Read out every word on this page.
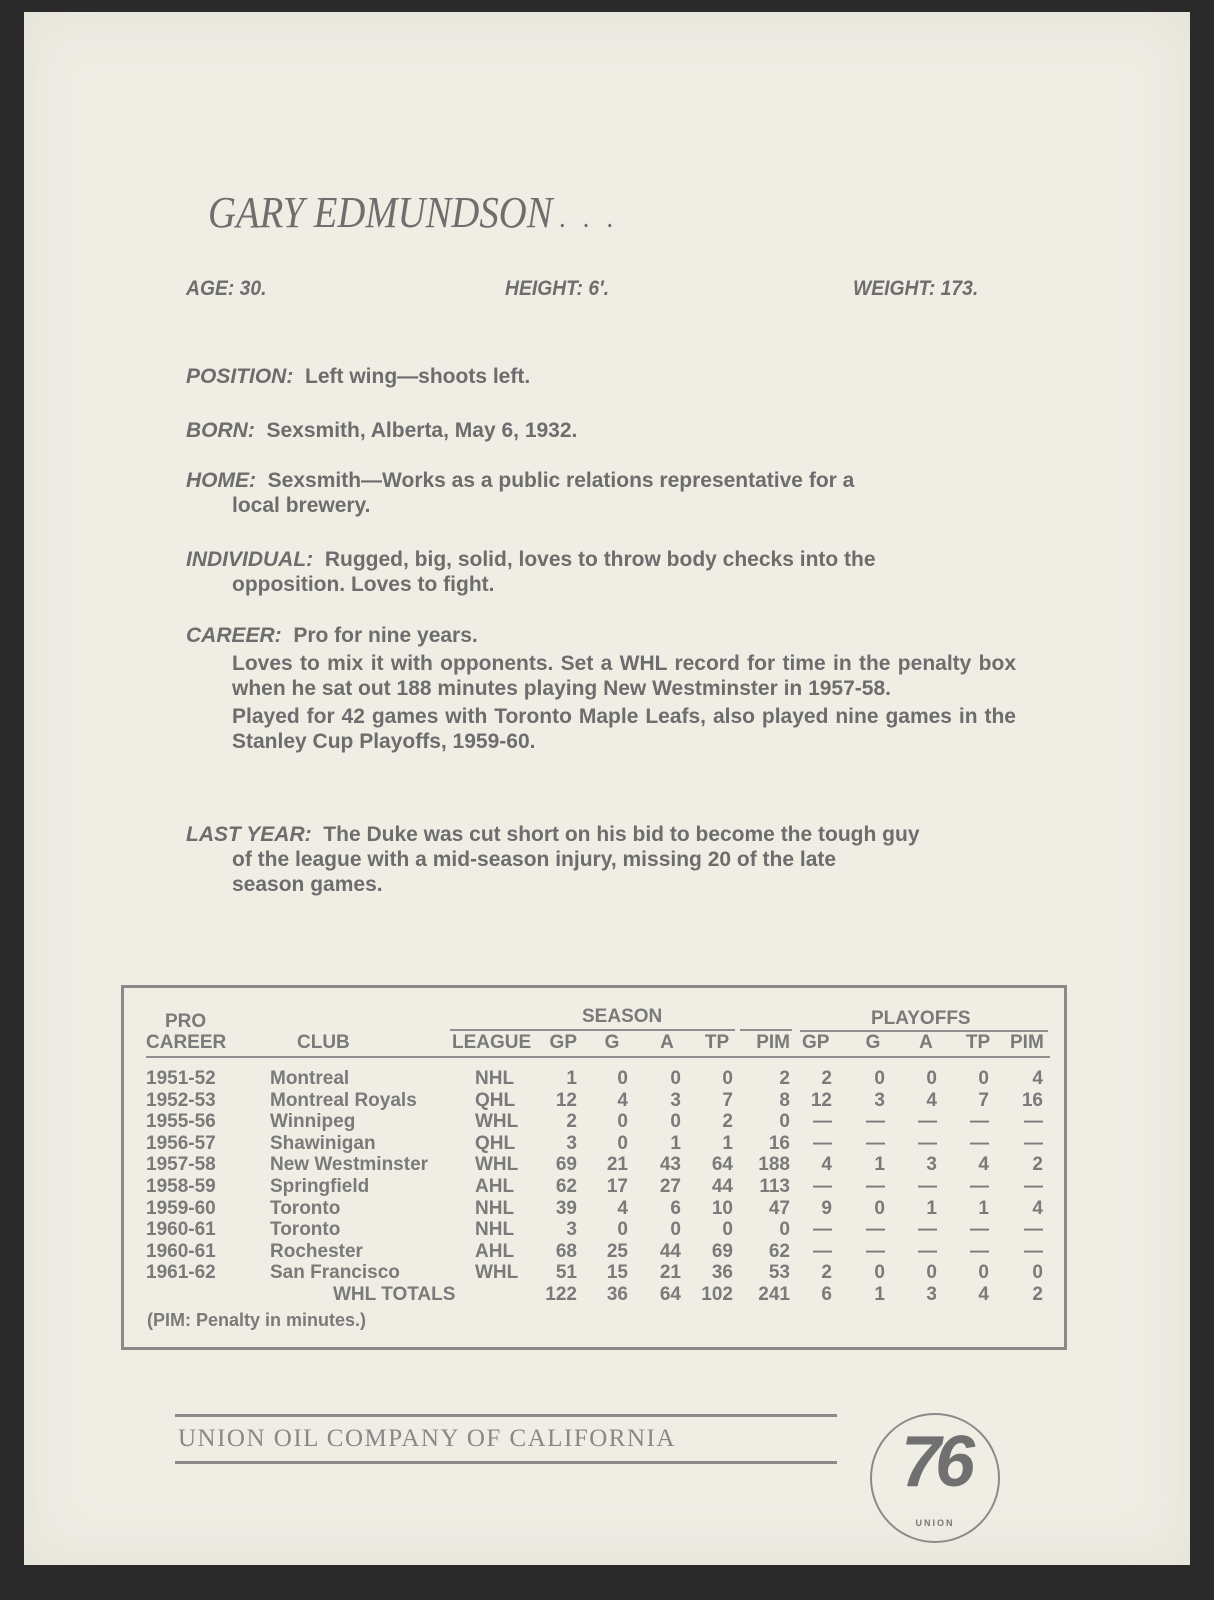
GARY EDMUNDSON . . .
AGE: 30.	HEIGHT: 6′.	WEIGHT: 173.
POSITION: Left wing—shoots left.
BORN: Sexsmith, Alberta, May 6, 1932.
HOME: Sexsmith—Works as a public relations representative for a
local brewery.
INDIVIDUAL: Rugged, big, solid, loves to throw body checks into the
opposition. Loves to fight.
CAREER: Pro for nine years.
Loves to mix it with opponents. Set a WHL record for time in the penalty box when he sat out 188 minutes playing New Westminster in 1957-58.
Played for 42 games with Toronto Maple Leafs, also played nine games in the Stanley Cup Playoffs, 1959-60.
LAST YEAR: The Duke was cut short on his bid to become the tough guy
of the league with a mid-season injury, missing 20 of the late
season games.
PRO
CAREER	CLUB
SEASON	PLAYOFFS
LEAGUE GP	G	A	TP	PIM GP	G	A	TP PIM
1951-52	Montreal	NHL	1	0	0	0	2	2	0	0	0	4
1952-53	Montreal Royals	QHL	12	4	3	7	8	12	3	4	7	16
1955-56	Winnipeg	WHL	2	0	0	2	0	—	—	—	—	—
1956-57	Shawinigan	QHL	3	0	1	1	16	—	—	—	—	—
1957-58	New Westminster WHL	69	21	43	64	188	4	1	3	4	2
1958-59	Springfield	AHL	62	17	27	44	113	—	—	—	—	—
1959-60	Toronto	NHL	39	4	6	10	47	9	0	1	1	4
1960-61	Toronto	NHL	3	0	0	0	0	—	—	—	—	—
1960-61	Rochester	AHL	68	25	44	69	62	—	—	—	—	—
1961-62	San Francisco	WHL	51	15	21	36	53	2	0	0	0	0
WHL TOTALS	122	36	64	102	241	6	1	3	4	2
(PIM: Penalty in minutes.)
UNION OIL COMPANY OF CALIFORNIA	76
UNION
